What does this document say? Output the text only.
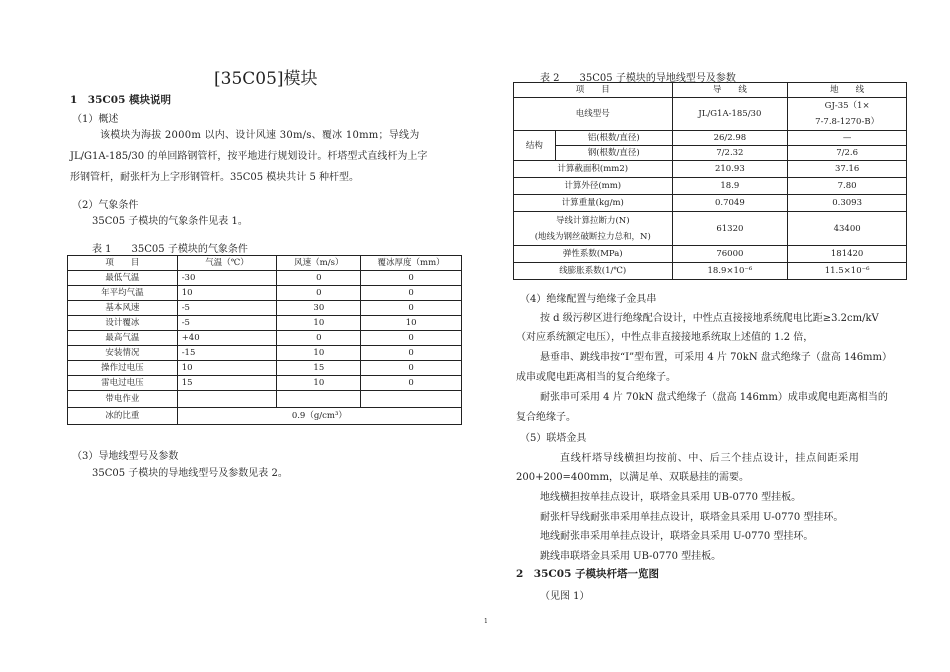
[35C05]模块
1　35C05 模块说明
（1）概述
该模块为海拔 2000m 以内、设计风速 30m/s、覆冰 10mm；导线为
JL/G1A-185/30 的单回路钢管杆，按平地进行规划设计。杆塔型式直线杆为上字
形钢管杆，耐张杆为上字形钢管杆。35C05 模块共计 5 种杆型。
（2）气象条件
35C05 子模块的气象条件见表 1。
表 1　　35C05 子模块的气象条件
项　　目	气温（℃）	风速（m/s）	覆冰厚度（mm）
最低气温	-30	0	0
年平均气温	10	0	0
基本风速	-5	30	0
设计覆冰	-5	10	10
最高气温	+40	0	0
安装情况	-15	10	0
操作过电压	10	15	0
雷电过电压	15	10	0
带电作业			
冰的比重	0.9（g/cm³）		
（3）导地线型号及参数
35C05 子模块的导地线型号及参数见表 2。
表 2　　35C05 子模块的导地线型号及参数
项　　目		导　　线	地　　线
电线型号		JL/G1A-185/30	GJ-35（1×
7-7.8-1270-B）

结构	铝(根数/直径)	26/2.98	—
	钢(根数/直径)	7/2.32	7/2.6
计算截面积(mm2)		210.93	37.16
计算外径(mm)		18.9	7.80
计算重量(kg/m)		0.7049	0.3093

导线计算拉断力(N)
(地线为钢丝破断拉力总和，N)		61320	43400
弹性系数(MPa)		76000	181420
线膨胀系数(1/℃)		18.9×10⁻⁶	11.5×10⁻⁶
（4）绝缘配置与绝缘子金具串
按 d 级污秽区进行绝缘配合设计，中性点直接接地系统爬电比距≥3.2cm/kV
（对应系统额定电压），中性点非直接接地系统取上述值的 1.2 倍，
悬垂串、跳线串按“I”型布置，可采用 4 片 70kN 盘式绝缘子（盘高 146mm）
成串或爬电距离相当的复合绝缘子。
耐张串可采用 4 片 70kN 盘式绝缘子（盘高 146mm）成串或爬电距离相当的
复合绝缘子。
（5）联塔金具
直线杆塔导线横担均按前、中、后三个挂点设计，挂点间距采用
200+200=400mm，以满足单、双联悬挂的需要。
地线横担按单挂点设计，联塔金具采用 UB-0770 型挂板。
耐张杆导线耐张串采用单挂点设计，联塔金具采用 U-0770 型挂环。
地线耐张串采用单挂点设计，联塔金具采用 U-0770 型挂环。
跳线串联塔金具采用 UB-0770 型挂板。
2　35C05 子模块杆塔一览图
（见图 1）
1
